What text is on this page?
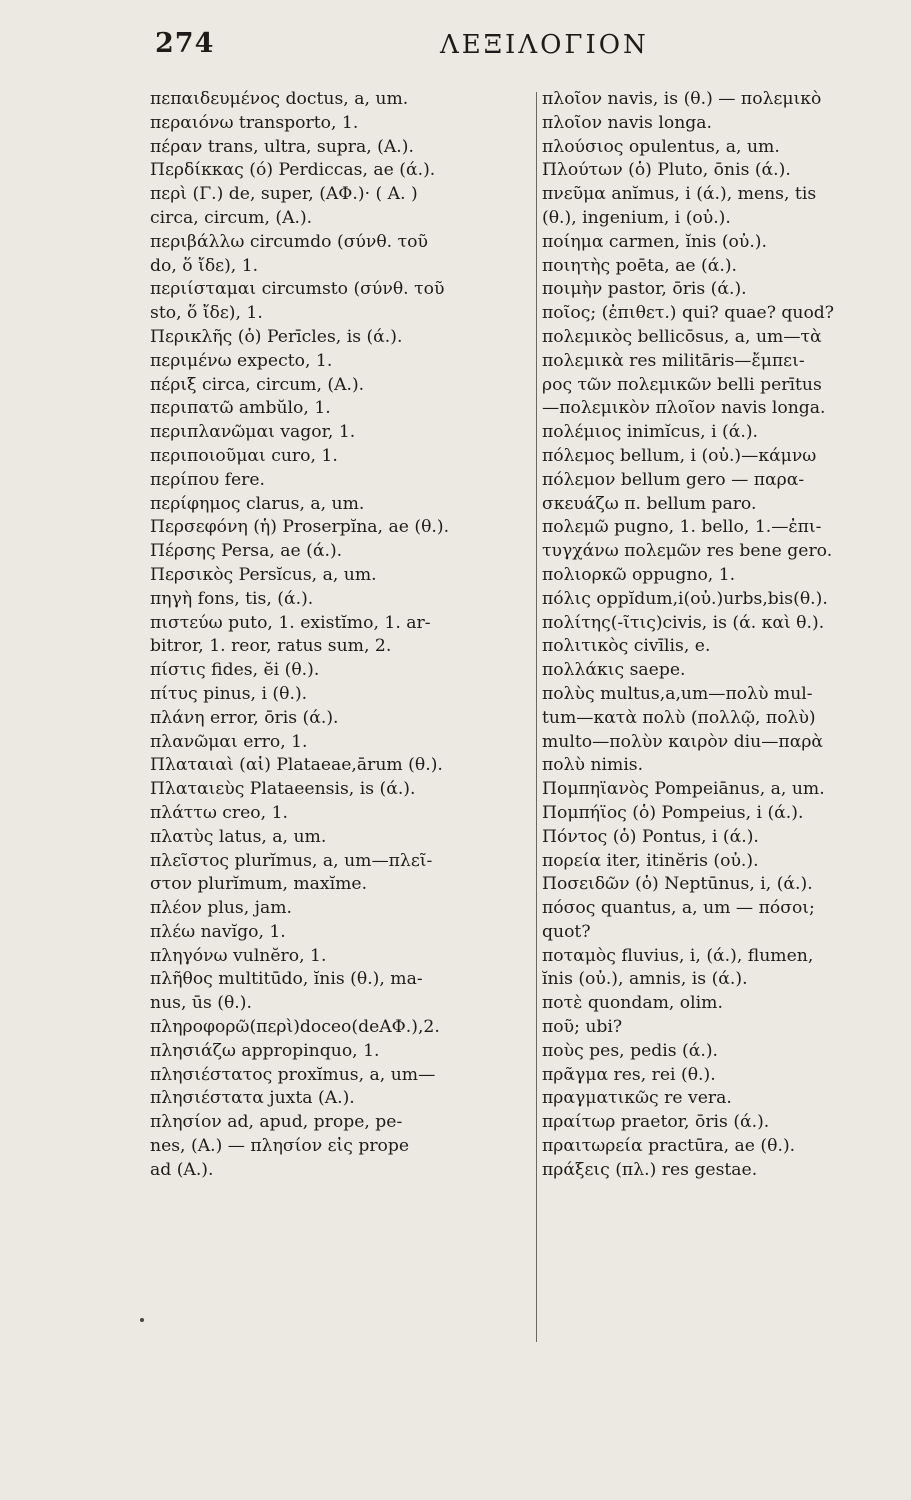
274	ΛΕΞΙΛΟΓΙΟΝ
πεπαιδευμένος doctus, a, um.
περαιόνω transporto, 1.
πέραν trans, ultra, supra, (A.).
Περδίκκας (ό) Perdiccas, ae (ά.).
περὶ (Γ.) de, super, (ΑΦ.)· ( A. )
circa, circum, (A.).
περιβάλλω circumdo (σύνθ. τοῦ
do, ὅ ἴδε), 1.
περιίσταμαι circumsto (σύνθ. τοῦ
sto, ὅ ἴδε), 1.
Περικλῆς (ὁ) Perīcles, is (ά.).
περιμένω expecto, 1.
πέριξ circa, circum, (A.).
περιπατῶ ambŭlo, 1.
περιπλανῶμαι vagor, 1.
περιποιοῦμαι curo, 1.
περίπου fere.
περίφημος clarus, a, um.
Περσεφόνη (ἡ) Proserpĭna, ae (θ.).
Πέρσης Persa, ae (ά.).
Περσικὸς Persĭcus, a, um.
πηγὴ fons, tis, (ά.).
πιστεύω puto, 1. existĭmo, 1. ar-
bitror, 1. reor, ratus sum, 2.
πίστις fides, ĕi (θ.).
πίτυς pinus, i (θ.).
πλάνη error, ōris (ά.).
πλανῶμαι erro, 1.
Πλαταιαὶ (αἱ) Plataeae,ārum (θ.).
Πλαταιεὺς Plataeensis, is (ά.).
πλάττω creo, 1.
πλατὺς latus, a, um.
πλεῖστος plurĭmus, a, um—πλεῖ-
στον plurĭmum, maxĭme.
πλέον plus, jam.
πλέω navĭgo, 1.
πληγόνω vulnĕro, 1.
πλῆθος multitūdo, ĭnis (θ.), ma-
nus, ūs (θ.).
πληροφορῶ(περὶ)doceo(deΑΦ.),2.
πλησιάζω appropinquo, 1.
πλησιέστατος proxĭmus, a, um—
πλησιέστατα juxta (A.).
πλησίον ad, apud, prope, pe-
nes, (A.) — πλησίον εἰς prope
ad (A.).
πλοῖον navis, is (θ.) — πολεμικὸ
πλοῖον navis longa.
πλούσιος opulentus, a, um.
Πλούτων (ὁ) Pluto, ōnis (ά.).
πνεῦμα anĭmus, i (ά.), mens, tis
(θ.), ingenium, i (οὐ.).
ποίημα carmen, ĭnis (οὐ.).
ποιητὴς poēta, ae (ά.).
ποιμὴν pastor, ōris (ά.).
ποῖος; (ἐπιθετ.) qui? quae? quod?
πολεμικὸς bellicōsus, a, um—τὰ
πολεμικὰ res militāris—ἔμπει-
ρος τῶν πολεμικῶν belli perītus
—πολεμικὸν πλοῖον navis longa.
πολέμιος inimĭcus, i (ά.).
πόλεμος bellum, i (οὐ.)—κάμνω
πόλεμον bellum gero — παρα-
σκευάζω π. bellum paro.
πολεμῶ pugno, 1. bello, 1.—ἐπι-
τυγχάνω πολεμῶν res bene gero.
πολιορκῶ oppugno, 1.
πόλις oppĭdum,i(οὐ.)urbs,bis(θ.).
πολίτης(-ῖτις)civis, is (ά. καὶ θ.).
πολιτικὸς civīlis, e.
πολλάκις saepe.
πολὺς multus,a,um—πολὺ mul-
tum—κατὰ πολὺ (πολλῷ, πολὺ)
multo—πολὺν καιρὸν diu—παρὰ
πολὺ nimis.
Πομπηϊανὸς Pompeiānus, a, um.
Πομπήϊος (ὁ) Pompeius, i (ά.).
Πόντος (ὁ) Pontus, i (ά.).
πορεία iter, itinĕris (οὐ.).
Ποσειδῶν (ὁ) Neptūnus, i, (ά.).
πόσος quantus, a, um — πόσοι;
quot?
ποταμὸς fluvius, i, (ά.), flumen,
ĭnis (οὐ.), amnis, is (ά.).
ποτὲ quondam, olim.
ποῦ; ubi?
ποὺς pes, pedis (ά.).
πρᾶγμα res, rei (θ.).
πραγματικῶς re vera.
πραίτωρ praetor, ōris (ά.).
πραιτωρεία practūra, ae (θ.).
πράξεις (πλ.) res gestae.
